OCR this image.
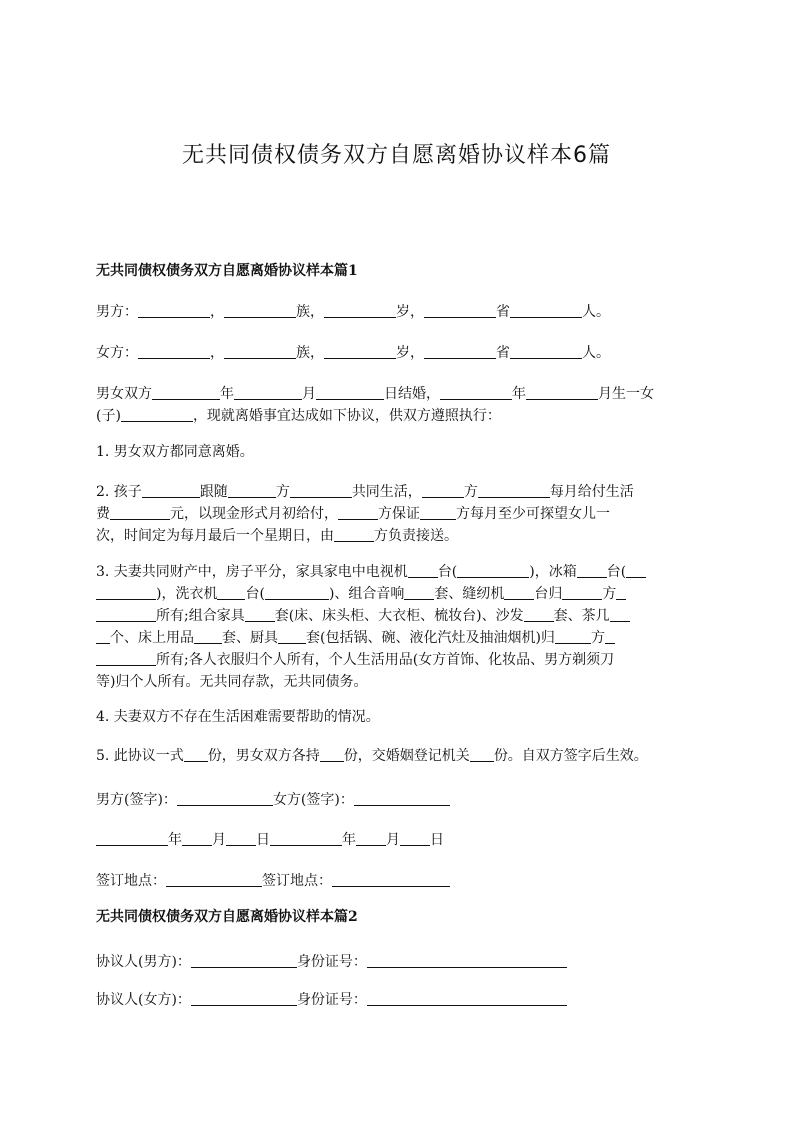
无共同债权债务双方自愿离婚协议样本6篇
无共同债权债务双方自愿离婚协议样本篇1
男方：	，	族，	岁，	省	人。
女方：	，	族，	岁，	省	人。
男女双方	年	月	日结婚，	年	月生一女
(子)	，现就离婚事宜达成如下协议，供双方遵照执行：
1. 男女双方都同意离婚。
2. 孩子	跟随	方	共同生活，	方	每月给付生活
费	元，以现金形式月初给付，	方保证	方每月至少可探望女儿一
次，时间定为每月最后一个星期日，由	方负责接送。
3. 夫妻共同财产中，房子平分，家具家电中电视机 台(	)，冰箱 台(
)，洗衣机 台(	)、组合音响 套、缝纫机 台归	方
所有;组合家具 套(床、床头柜、大衣柜、梳妆台)、沙发 套、茶几
个、床上用品 套、厨具 套(包括锅、碗、液化汽灶及抽油烟机)归	方
所有;各人衣服归个人所有，个人生活用品(女方首饰、化妆品、男方剃须刀
等)归个人所有。无共同存款，无共同债务。
4. 夫妻双方不存在生活困难需要帮助的情况。
5. 此协议一式 份，男女双方各持 份，交婚姻登记机关 份。自双方签字后生效。
男方(签字)：	女方(签字)：
年 月 日	年 月 日
签订地点：	签订地点：
无共同债权债务双方自愿离婚协议样本篇2
协议人(男方)：	身份证号：
协议人(女方)：	身份证号：
